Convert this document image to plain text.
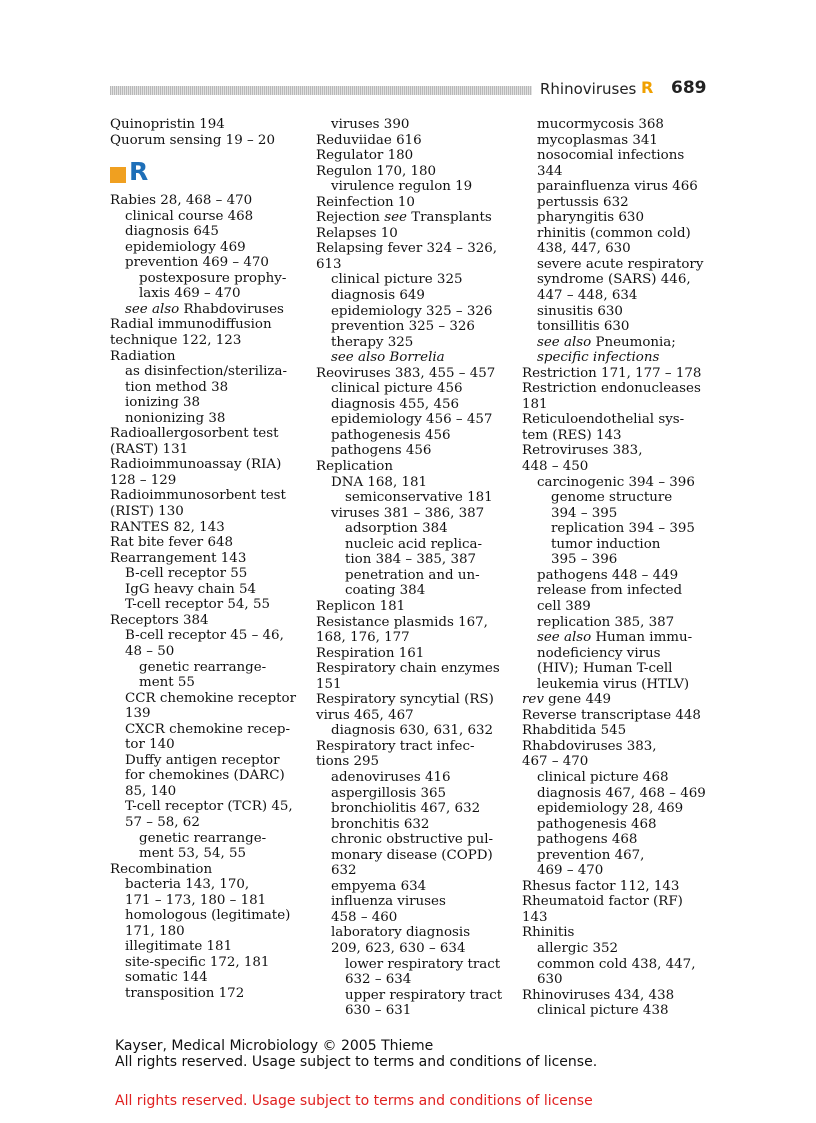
Rhinoviruses R 689
Quinopristin 194
Quorum sensing 19 – 20
R
Rabies 28, 468 – 470
clinical course 468
diagnosis 645
epidemiology 469
prevention 469 – 470
postexposure prophy-
laxis 469 – 470
see also Rhabdoviruses
Radial immunodiffusion
technique 122, 123
Radiation
as disinfection/steriliza-
tion method 38
ionizing 38
nonionizing 38
Radioallergosorbent test
(RAST) 131
Radioimmunoassay (RIA)
128 – 129
Radioimmunosorbent test
(RIST) 130
RANTES 82, 143
Rat bite fever 648
Rearrangement 143
B-cell receptor 55
IgG heavy chain 54
T-cell receptor 54, 55
Receptors 384
B-cell receptor 45 – 46,
48 – 50
genetic rearrange-
ment 55
CCR chemokine receptor
139
CXCR chemokine recep-
tor 140
Duffy antigen receptor
for chemokines (DARC)
85, 140
T-cell receptor (TCR) 45,
57 – 58, 62
genetic rearrange-
ment 53, 54, 55
Recombination
bacteria 143, 170,
171 – 173, 180 – 181
homologous (legitimate)
171, 180
illegitimate 181
site-specific 172, 181
somatic 144
transposition 172
viruses 390
Reduviidae 616
Regulator 180
Regulon 170, 180
virulence regulon 19
Reinfection 10
Rejection see Transplants
Relapses 10
Relapsing fever 324 – 326,
613
clinical picture 325
diagnosis 649
epidemiology 325 – 326
prevention 325 – 326
therapy 325
see also Borrelia
Reoviruses 383, 455 – 457
clinical picture 456
diagnosis 455, 456
epidemiology 456 – 457
pathogenesis 456
pathogens 456
Replication
DNA 168, 181
semiconservative 181
viruses 381 – 386, 387
adsorption 384
nucleic acid replica-
tion 384 – 385, 387
penetration and un-
coating 384
Replicon 181
Resistance plasmids 167,
168, 176, 177
Respiration 161
Respiratory chain enzymes
151
Respiratory syncytial (RS)
virus 465, 467
diagnosis 630, 631, 632
Respiratory tract infec-
tions 295
adenoviruses 416
aspergillosis 365
bronchiolitis 467, 632
bronchitis 632
chronic obstructive pul-
monary disease (COPD)
632
empyema 634
influenza viruses
458 – 460
laboratory diagnosis
209, 623, 630 – 634
lower respiratory tract
632 – 634
upper respiratory tract
630 – 631
mucormycosis 368
mycoplasmas 341
nosocomial infections
344
parainfluenza virus 466
pertussis 632
pharyngitis 630
rhinitis (common cold)
438, 447, 630
severe acute respiratory
syndrome (SARS) 446,
447 – 448, 634
sinusitis 630
tonsillitis 630
see also Pneumonia;
specific infections
Restriction 171, 177 – 178
Restriction endonucleases
181
Reticuloendothelial sys-
tem (RES) 143
Retroviruses 383,
448 – 450
carcinogenic 394 – 396
genome structure
394 – 395
replication 394 – 395
tumor induction
395 – 396
pathogens 448 – 449
release from infected
cell 389
replication 385, 387
see also Human immu-
nodeficiency virus
(HIV); Human T-cell
leukemia virus (HTLV)
rev gene 449
Reverse transcriptase 448
Rhabditida 545
Rhabdoviruses 383,
467 – 470
clinical picture 468
diagnosis 467, 468 – 469
epidemiology 28, 469
pathogenesis 468
pathogens 468
prevention 467,
469 – 470
Rhesus factor 112, 143
Rheumatoid factor (RF)
143
Rhinitis
allergic 352
common cold 438, 447,
630
Rhinoviruses 434, 438
clinical picture 438
Kayser, Medical Microbiology © 2005 Thieme
All rights reserved. Usage subject to terms and conditions of license.
All rights reserved. Usage subject to terms and conditions of license
